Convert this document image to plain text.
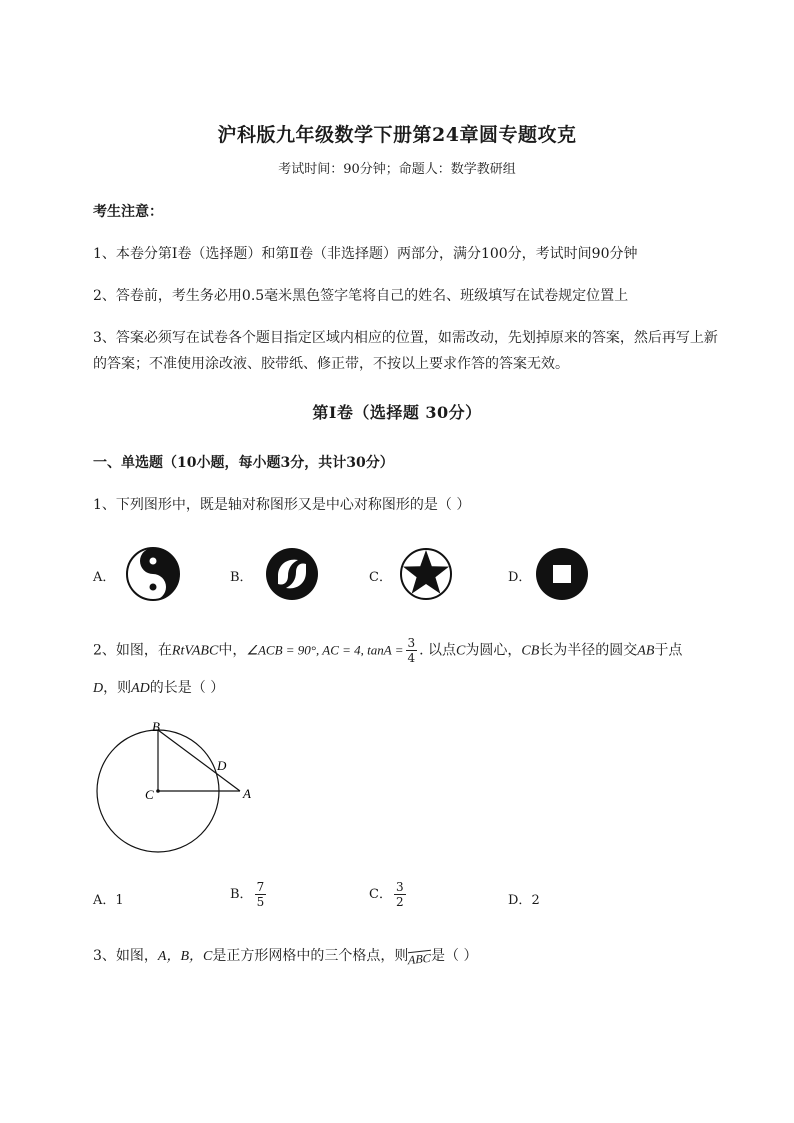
沪科版九年级数学下册第24章圆专题攻克
考试时间：90分钟；命题人：数学教研组
考生注意：
1、本卷分第I卷（选择题）和第Ⅱ卷（非选择题）两部分，满分100分，考试时间90分钟
2、答卷前，考生务必用0.5毫米黑色签字笔将自己的姓名、班级填写在试卷规定位置上
3、答案必须写在试卷各个题目指定区域内相应的位置，如需改动，先划掉原来的答案，然后再写上新
的答案；不准使用涂改液、胶带纸、修正带，不按以上要求作答的答案无效。
第I卷（选择题 30分）
一、单选题（10小题，每小题3分，共计30分）
1、下列图形中，既是轴对称图形又是中心对称图形的是（ ）
A．	B．	C．	D．
2、如图，在RtVABC中，∠ACB = 90°, AC = 4, $\tan A = \frac{3}{4}$ . 以点C为圆心，CB长为半径的圆交AB于点
D，则AD的长是（ ）
B
C
D
A
A．1	B． $\frac{7}{5}$	C． $\frac{3}{2}$	D．2
3、如图，A，B，C是正方形网格中的三个格点，则ABC是（ ）
